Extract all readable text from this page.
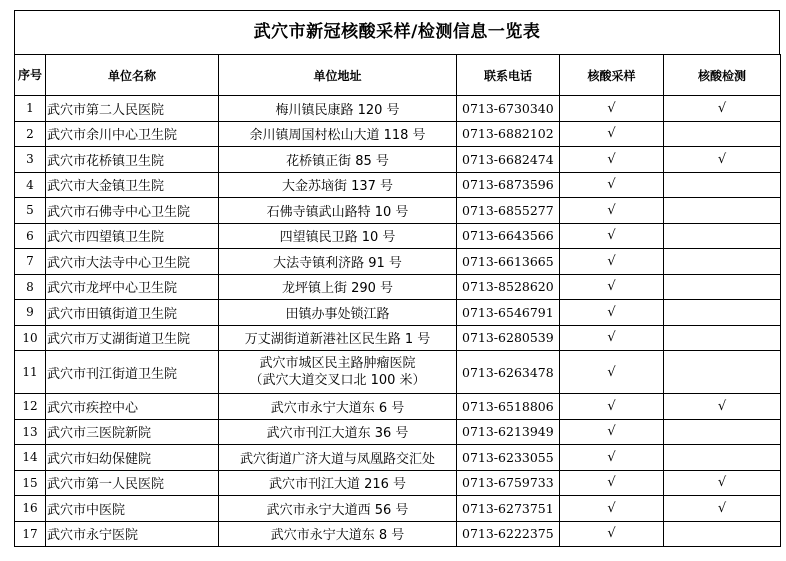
武穴市新冠核酸采样/检测信息一览表
序号	单位名称	单位地址	联系电话	核酸采样	核酸检测
1	武穴市第二人民医院	梅川镇民康路 120 号	0713-6730340	√	√
2	武穴市余川中心卫生院	余川镇周国村松山大道 118 号	0713-6882102	√	
3	武穴市花桥镇卫生院	花桥镇正街 85 号	0713-6682474	√	√
4	武穴市大金镇卫生院	大金苏垴街 137 号	0713-6873596	√	
5	武穴市石佛寺中心卫生院	石佛寺镇武山路特 10 号	0713-6855277	√	
6	武穴市四望镇卫生院	四望镇民卫路 10 号	0713-6643566	√	
7	武穴市大法寺中心卫生院	大法寺镇利济路 91 号	0713-6613665	√	
8	武穴市龙坪中心卫生院	龙坪镇上街 290 号	0713-8528620	√	
9	武穴市田镇街道卫生院	田镇办事处锁江路	0713-6546791	√	
10	武穴市万丈湖街道卫生院	万丈湖街道新港社区民生路 1 号	0713-6280539	√	
11	武穴市刊江街道卫生院	武穴市城区民主路肿瘤医院
（武穴大道交叉口北 100 米）	0713-6263478	√	
12	武穴市疾控中心	武穴市永宁大道东 6 号	0713-6518806	√	√
13	武穴市三医院新院	武穴市刊江大道东 36 号	0713-6213949	√	
14	武穴市妇幼保健院	武穴街道广济大道与凤凰路交汇处	0713-6233055	√	
15	武穴市第一人民医院	武穴市刊江大道 216 号	0713-6759733	√	√
16	武穴市中医院	武穴市永宁大道西 56 号	0713-6273751	√	√
17	武穴市永宁医院	武穴市永宁大道东 8 号	0713-6222375	√	
